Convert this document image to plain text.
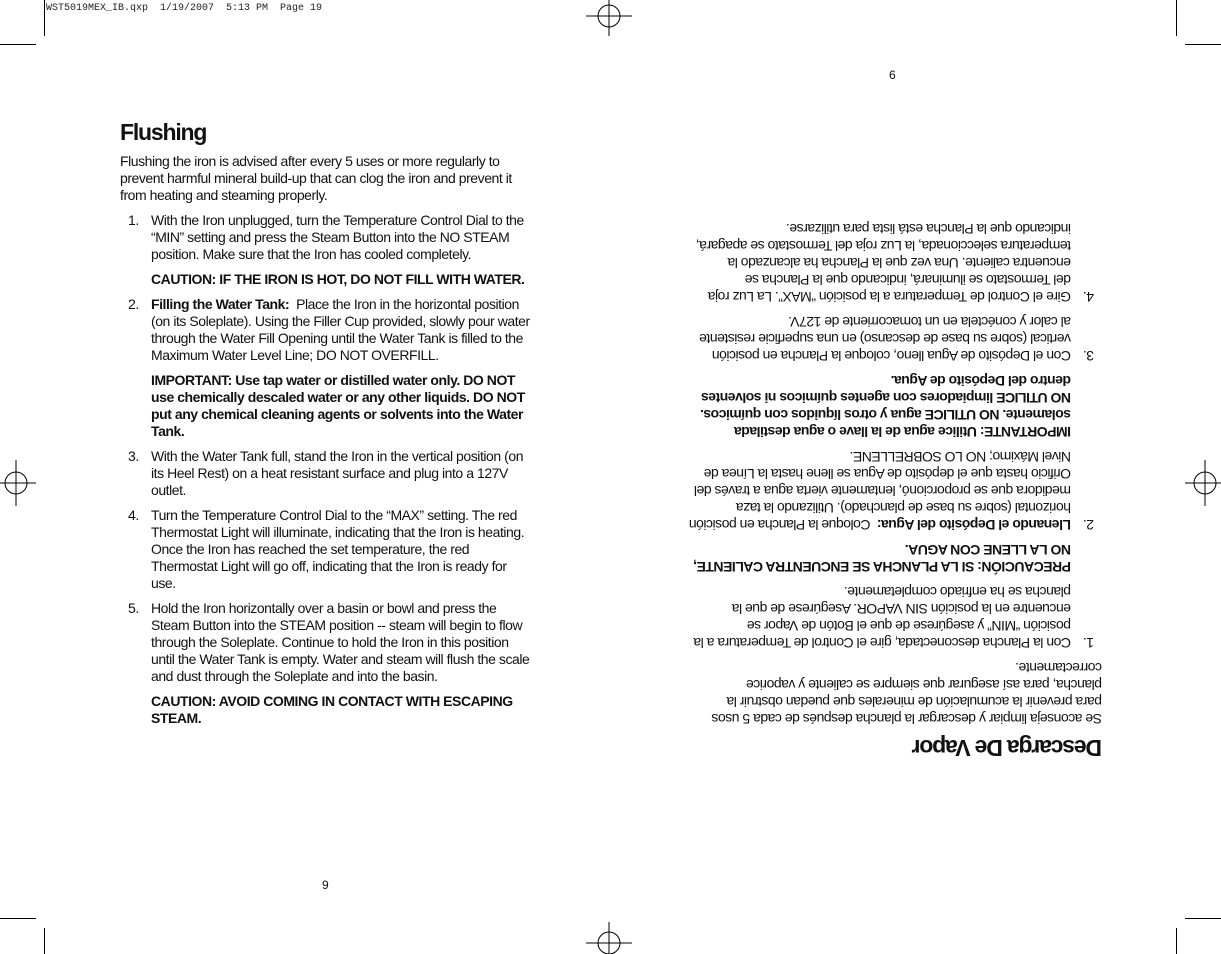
WST5019MEX_IB.qxp  1/19/2007  5:13 PM  Page 19
6
9
Flushing

Flushing the iron is advised after every 5 uses or more regularly to prevent harmful mineral build-up that can clog the iron and prevent it from heating and steaming properly.

1. With the Iron unplugged, turn the Temperature Control Dial to the “MIN” setting and press the Steam Button into the NO STEAM position. Make sure that the Iron has cooled completely.
CAUTION: IF THE IRON IS HOT, DO NOT FILL WITH WATER.
2. Filling the Water Tank: Place the Iron in the horizontal position (on its Soleplate). Using the Filler Cup provided, slowly pour water through the Water Fill Opening until the Water Tank is filled to the Maximum Water Level Line; DO NOT OVERFILL.
IMPORTANT: Use tap water or distilled water only. DO NOT use chemically descaled water or any other liquids. DO NOT put any chemical cleaning agents or solvents into the Water Tank.
3. With the Water Tank full, stand the Iron in the vertical position (on its Heel Rest) on a heat resistant surface and plug into a 127V outlet.
4. Turn the Temperature Control Dial to the “MAX” setting. The red Thermostat Light will illuminate, indicating that the Iron is heating. Once the Iron has reached the set temperature, the red Thermostat Light will go off, indicating that the Iron is ready for use.
5. Hold the Iron horizontally over a basin or bowl and press the Steam Button into the STEAM position -- steam will begin to flow through the Soleplate. Continue to hold the Iron in this position until the Water Tank is empty. Water and steam will flush the scale and dust through the Soleplate and into the basin.
CAUTION: AVOID COMING IN CONTACT WITH ESCAPING STEAM.
Descarga De Vapor

Se aconseja limpiar y descargar la plancha después de cada 5 usos para prevenir la acumulación de minerales que puedan obstruir la plancha, para así asegurar que siempre se caliente y vaporice correctamente.

1.
Con la Plancha desconectada, gire el Control de Temperatura a la posición “MIN” y asegúrese de que el Botón de Vapor se encuentre en la posición SIN VAPOR. Asegúrese de que la plancha se ha enfriado completamente.
PRECAUCIÓN: SI LA PLANCHA SE ENCUENTRA CALIENTE, NO LA LLENE CON AGUA.
2.
Llenando el Depósito del Agua:  Coloque la Plancha en posición horizontal (sobre su base de planchado). Utilizando la taza medidora que se proporcionó, lentamente vierta agua a través del Orificio hasta que el depósito de Agua se llene hasta la Línea de Nivel Máximo; NO LO SOBRELLENE.
IMPORTANTE: Utilice agua de la llave o agua destilada solamente. NO UTILICE agua y otros líquidos con químicos. NO UTILICE limpiadores con agentes químicos ni solventes dentro del Depósito de Agua.
3.
Con el Depósito de Agua lleno, coloque la Plancha en posición vertical (sobre su base de descanso) en una superficie resistente al calor y conéctela en un tomacorriente de 127V.
4.
Gire el Control de Temperatura a la posición “MAX”. La Luz roja del Termostato se iluminará, indicando que la Plancha se encuentra caliente. Una vez que la Plancha ha alcanzado la temperatura seleccionada, la Luz roja del Termostato se apagará, indicando que la Plancha está lista para utilizarse.
